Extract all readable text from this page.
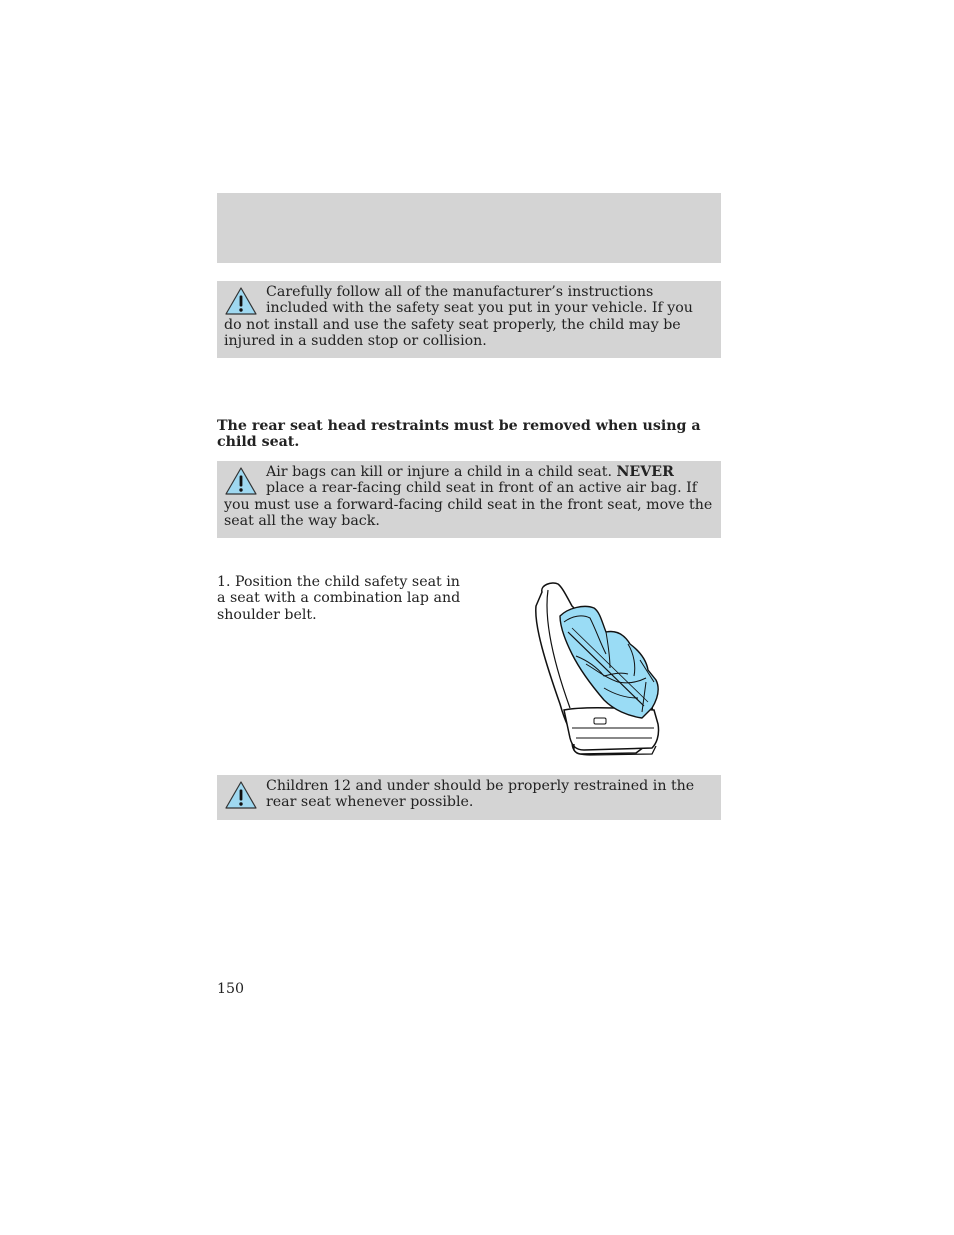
Carefully follow all of the manufacturer’s instructions included with the safety seat you put in your vehicle. If you do not install and use the safety seat properly, the child may be injured in a sudden stop or collision.

The rear seat head restraints must be removed when using a child seat.

Air bags can kill or injure a child in a child seat. NEVER place a rear-facing child seat in front of an active air bag. If you must use a forward-facing child seat in the front seat, move the seat all the way back.

1. Position the child safety seat in a seat with a combination lap and shoulder belt.

Children 12 and under should be properly restrained in the rear seat whenever possible.
150
